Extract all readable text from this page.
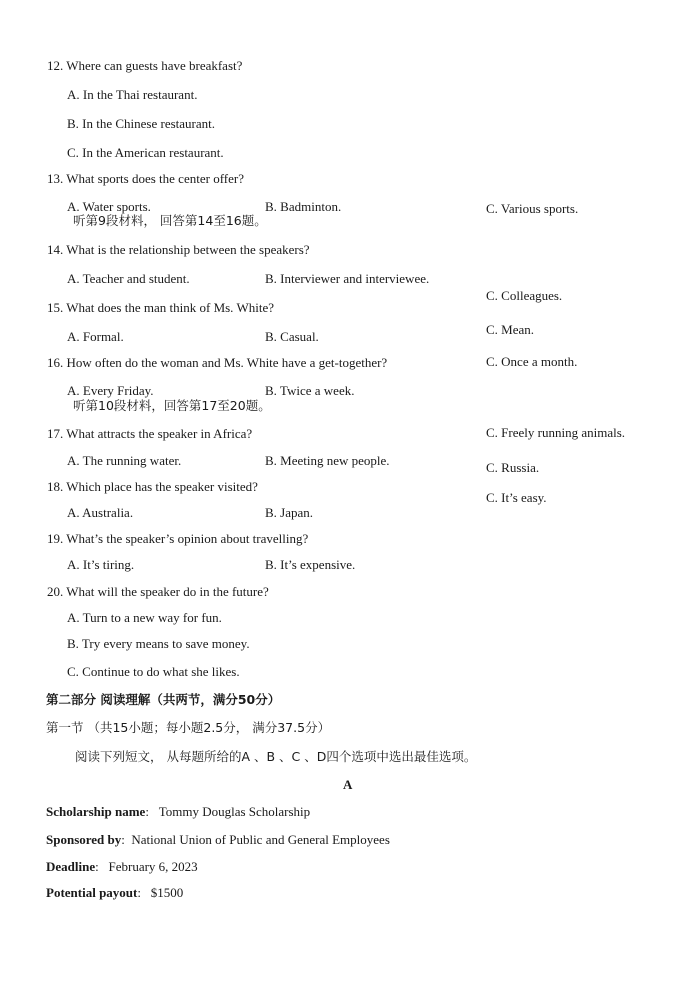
12. Where can guests have breakfast?
A. In the Thai restaurant.
B. In the Chinese restaurant.
C. In the American restaurant.
13. What sports does the center offer?
A. Water sports.	B. Badminton.	C. Various sports.
听第9段材料， 回答第14至16题。
14. What is the relationship between the speakers?
A. Teacher and student.	B. Interviewer and interviewee.
C. Colleagues.
15. What does the man think of Ms. White?
A. Formal.	B. Casual.	C. Mean.
16. How often do the woman and Ms. White have a get-together?
A. Every Friday.	B. Twice a week.
C. Once a month.
听第10段材料，回答第17至20题。
17. What attracts the speaker in Africa?
A. The running water.	B. Meeting new people.
C. Freely running animals.
18. Which place has the speaker visited?
A. Australia.	B. Japan.
C. Russia.
19. What’s the speaker’s opinion about travelling?
A. It’s tiring.	B. It’s expensive.
C. It’s easy.
20. What will the speaker do in the future?
A. Turn to a new way for fun.
B. Try every means to save money.
C. Continue to do what she likes.
第二部分 阅读理解（共两节，满分50分）
第一节 （共15小题；每小题2.5分， 满分37.5分）
阅读下列短文， 从每题所给的A 、B 、C 、D四个选项中选出最佳选项。
A
Scholarship name:   Tommy Douglas Scholarship
Sponsored by:  National Union of Public and General Employees
Deadline:   February 6, 2023
Potential payout:   $1500
